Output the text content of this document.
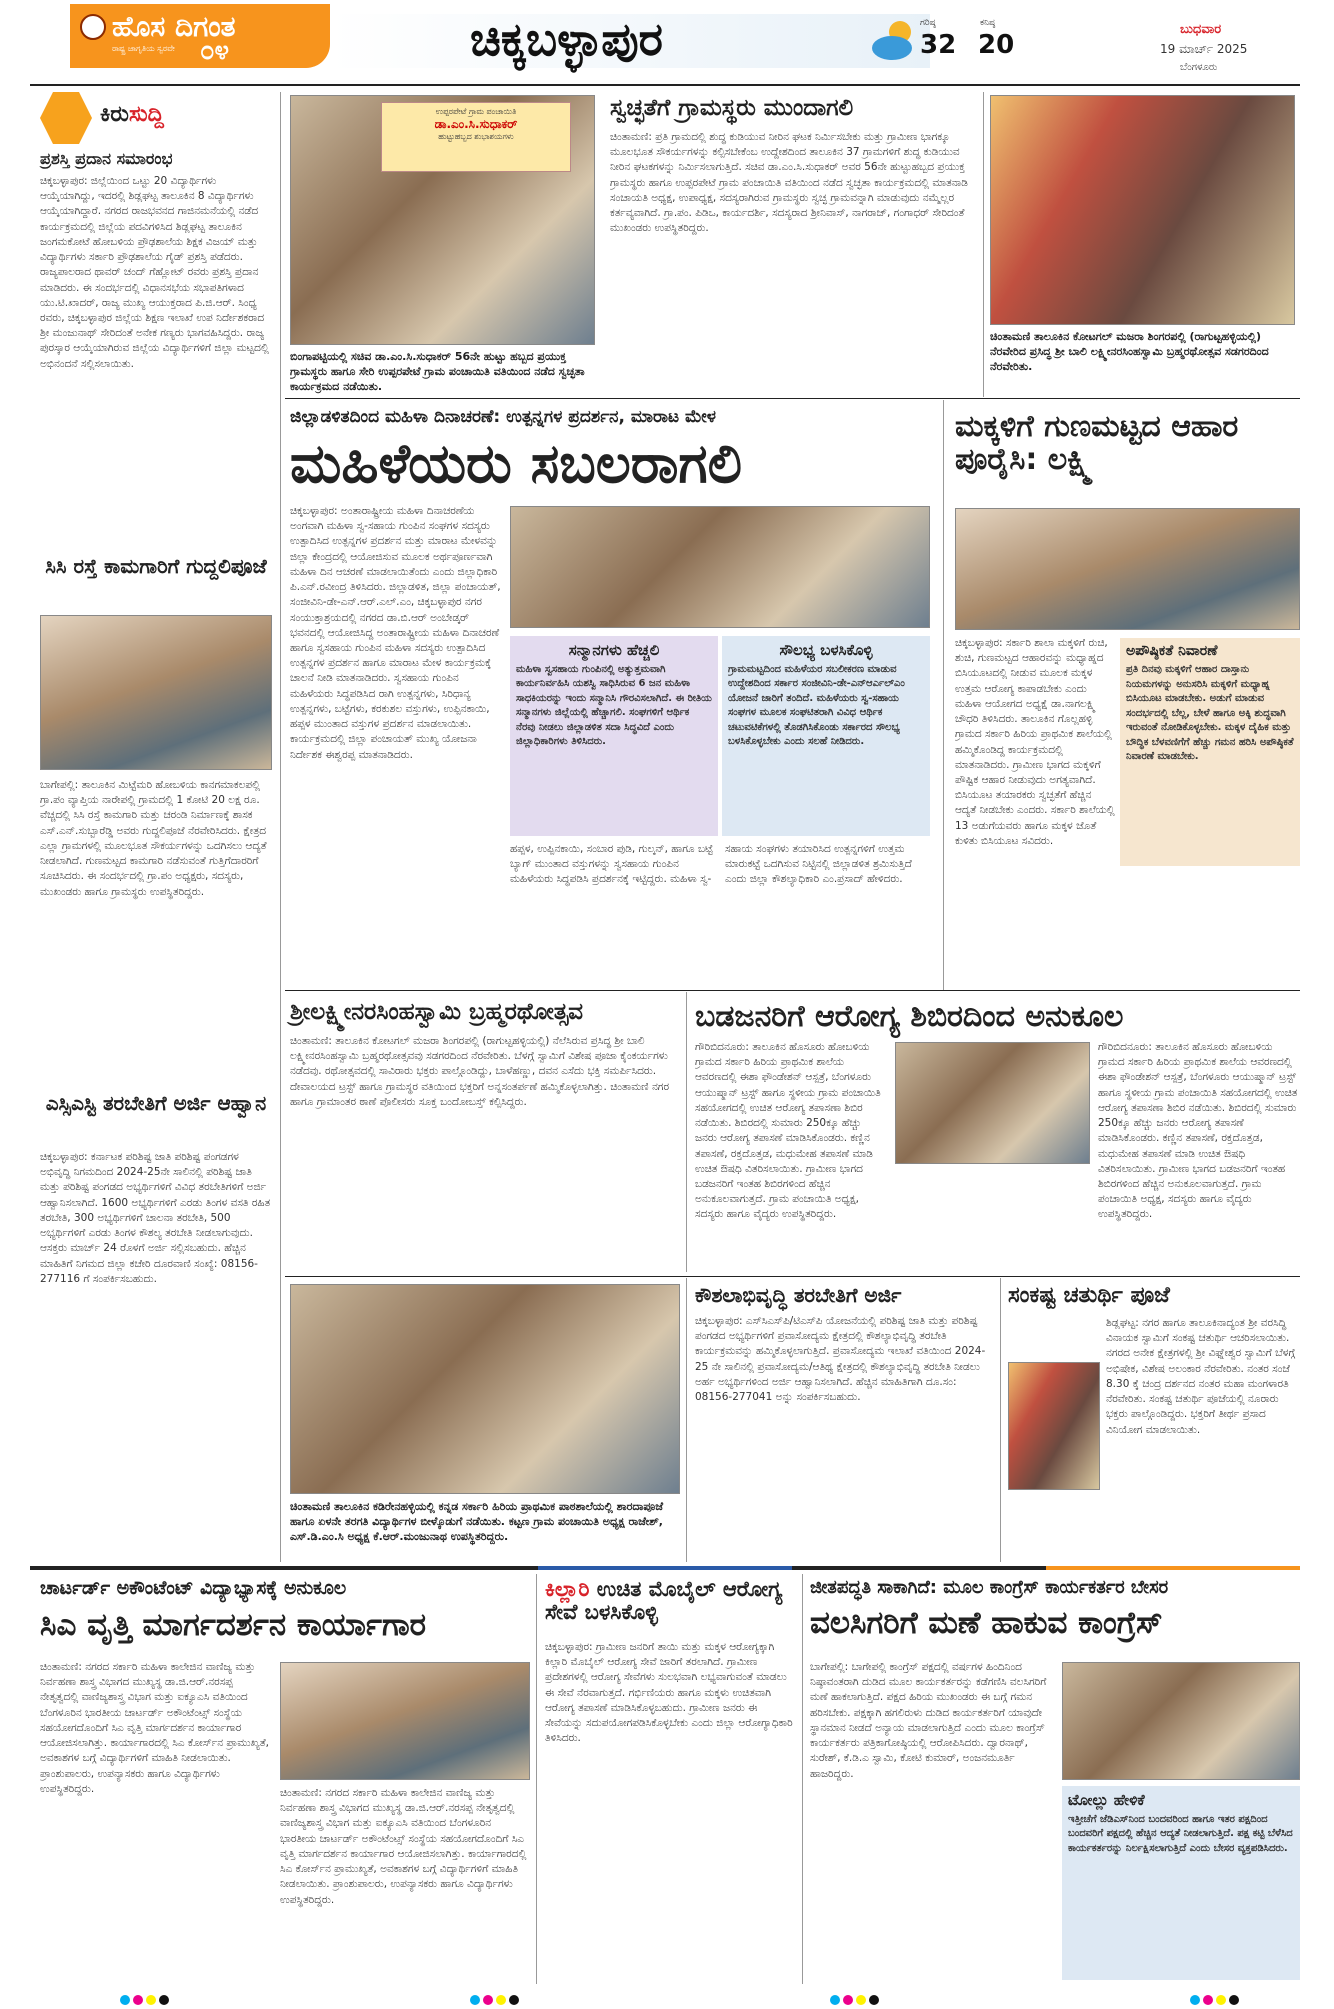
ಹೊಸ ದಿಗಂತ
ರಾಷ್ಟ್ರ ಜಾಗೃತಿಯ ಸ್ವರವೇ ೦೪	ಚಿಕ್ಕಬಳ್ಳಾಪುರ	ಗರಿಷ್ಠ
32
ಕನಿಷ್ಠ
20
ಬುಧವಾರ
19 ಮಾರ್ಚ್ 2025
ಬೆಂಗಳೂರು
ಕಿರುಸುದ್ದಿ
ಪ್ರಶಸ್ತಿ ಪ್ರದಾನ ಸಮಾರಂಭ
ಚಿಕ್ಕಬಳ್ಳಾಪುರ: ಜಿಲ್ಲೆಯಿಂದ ಒಟ್ಟು 20 ವಿದ್ಯಾರ್ಥಿಗಳು ಆಯ್ಕೆಯಾಗಿದ್ದು, ಇದರಲ್ಲಿ ಶಿಡ್ಲಘಟ್ಟ ತಾಲೂಕಿನ 8 ವಿದ್ಯಾರ್ಥಿಗಳು ಆಯ್ಕೆಯಾಗಿದ್ದಾರೆ. ನಗರದ ರಾಜಭವನದ ಗಾಜಿನಮನೆಯಲ್ಲಿ ನಡೆದ ಕಾರ್ಯಕ್ರಮದಲ್ಲಿ ಜಿಲ್ಲೆಯ ಪದವಿಗಳಿಸಿದ ಶಿಡ್ಲಘಟ್ಟ ತಾಲೂಕಿನ ಜಂಗಮಕೋಟೆ ಹೋಬಳಿಯ ಪ್ರೌಢಶಾಲೆಯ ಶಿಕ್ಷಕ ವಿಜಯ್ ಮತ್ತು ವಿದ್ಯಾರ್ಥಿಗಳು ಸರ್ಕಾರಿ ಪ್ರೌಢಶಾಲೆಯ ಗೈಡ್ ಪ್ರಶಸ್ತಿ ಪಡೆದರು. ರಾಜ್ಯಪಾಲರಾದ ಥಾವರ್ ಚಂದ್ ಗೆಹ್ಲೋಟ್ ರವರು ಪ್ರಶಸ್ತಿ ಪ್ರದಾನ ಮಾಡಿದರು. ಈ ಸಂದರ್ಭದಲ್ಲಿ ವಿಧಾನಸಭೆಯ ಸಭಾಪತಿಗಳಾದ ಯು.ಟಿ.ಖಾದರ್, ರಾಜ್ಯ ಮುಖ್ಯ ಆಯುಕ್ತರಾದ ಪಿ.ಜಿ.ಆರ್. ಸಿಂಧ್ಯ ರವರು, ಚಿಕ್ಕಬಳ್ಳಾಪುರ ಜಿಲ್ಲೆಯ ಶಿಕ್ಷಣ ಇಲಾಖೆ ಉಪ ನಿರ್ದೇಶಕರಾದ ಶ್ರೀ ಮಂಜುನಾಥ್ ಸೇರಿದಂತೆ ಅನೇಕ ಗಣ್ಯರು ಭಾಗವಹಿಸಿದ್ದರು. ರಾಜ್ಯ ಪುರಸ್ಕಾರ ಆಯ್ಕೆಯಾಗಿರುವ ಜಿಲ್ಲೆಯ ವಿದ್ಯಾರ್ಥಿಗಳಿಗೆ ಜಿಲ್ಲಾ ಮಟ್ಟದಲ್ಲಿ ಅಭಿನಂದನೆ ಸಲ್ಲಿಸಲಾಯಿತು.
ಸಿಸಿ ರಸ್ತೆ ಕಾಮಗಾರಿಗೆ ಗುದ್ದಲಿಪೂಜೆ
ಬಾಗೇಪಲ್ಲಿ: ತಾಲೂಕಿನ ಮಿಟ್ಟೆಮರಿ ಹೋಬಳಿಯ ಕಾನಗಮಾಕಲಪಲ್ಲಿ ಗ್ರಾ.ಪಂ ವ್ಯಾಪ್ತಿಯ ನಾರೇಪಲ್ಲಿ ಗ್ರಾಮದಲ್ಲಿ 1 ಕೋಟಿ 20 ಲಕ್ಷ ರೂ. ವೆಚ್ಚದಲ್ಲಿ ಸಿಸಿ ರಸ್ತೆ ಕಾಮಗಾರಿ ಮತ್ತು ಚರಂಡಿ ನಿರ್ಮಾಣಕ್ಕೆ ಶಾಸಕ ಎಸ್.ಎನ್.ಸುಬ್ಬಾರೆಡ್ಡಿ ಅವರು ಗುದ್ದಲಿಪೂಜೆ ನೆರವೇರಿಸಿದರು. ಕ್ಷೇತ್ರದ ಎಲ್ಲಾ ಗ್ರಾಮಗಳಲ್ಲಿ ಮೂಲಭೂತ ಸೌಕರ್ಯಗಳನ್ನು ಒದಗಿಸಲು ಆದ್ಯತೆ ನೀಡಲಾಗಿದೆ. ಗುಣಮಟ್ಟದ ಕಾಮಗಾರಿ ನಡೆಸುವಂತೆ ಗುತ್ತಿಗೆದಾರರಿಗೆ ಸೂಚಿಸಿದರು. ಈ ಸಂದರ್ಭದಲ್ಲಿ ಗ್ರಾ.ಪಂ ಅಧ್ಯಕ್ಷರು, ಸದಸ್ಯರು, ಮುಖಂಡರು ಹಾಗೂ ಗ್ರಾಮಸ್ಥರು ಉಪಸ್ಥಿತರಿದ್ದರು.
ಎಸ್ಸಿಎಸ್ಟಿ ತರಬೇತಿಗೆ ಅರ್ಜಿ ಆಹ್ವಾನ
ಚಿಕ್ಕಬಳ್ಳಾಪುರ: ಕರ್ನಾಟಕ ಪರಿಶಿಷ್ಟ ಜಾತಿ ಪರಿಶಿಷ್ಟ ಪಂಗಡಗಳ ಅಭಿವೃದ್ಧಿ ನಿಗಮದಿಂದ 2024-25ನೇ ಸಾಲಿನಲ್ಲಿ ಪರಿಶಿಷ್ಟ ಜಾತಿ ಮತ್ತು ಪರಿಶಿಷ್ಟ ಪಂಗಡದ ಅಭ್ಯರ್ಥಿಗಳಿಗೆ ವಿವಿಧ ತರಬೇತಿಗಳಿಗೆ ಅರ್ಜಿ ಆಹ್ವಾನಿಸಲಾಗಿದೆ. 1600 ಅಭ್ಯರ್ಥಿಗಳಿಗೆ ಎರಡು ತಿಂಗಳ ವಸತಿ ರಹಿತ ತರಬೇತಿ, 300 ಅಭ್ಯರ್ಥಿಗಳಿಗೆ ಚಾಲನಾ ತರಬೇತಿ, 500 ಅಭ್ಯರ್ಥಿಗಳಿಗೆ ಎರಡು ತಿಂಗಳ ಕೌಶಲ್ಯ ತರಬೇತಿ ನೀಡಲಾಗುವುದು. ಆಸಕ್ತರು ಮಾರ್ಚ್ 24 ರೊಳಗೆ ಅರ್ಜಿ ಸಲ್ಲಿಸಬಹುದು. ಹೆಚ್ಚಿನ ಮಾಹಿತಿಗೆ ನಿಗಮದ ಜಿಲ್ಲಾ ಕಚೇರಿ ದೂರವಾಣಿ ಸಂಖ್ಯೆ: 08156-277116 ಗೆ ಸಂಪರ್ಕಿಸಬಹುದು.
ಉಪ್ಪರಪೇಟೆ ಗ್ರಾಮ ಪಂಚಾಯಿತಿ
ಡಾ.ಎಂ.ಸಿ.ಸುಧಾಕರ್
ಹುಟ್ಟುಹಬ್ಬದ ಶುಭಾಶಯಗಳು
ಬಿಂಗಾಪಟ್ಟಿಯಲ್ಲಿ ಸಚಿವ ಡಾ.ಎಂ.ಸಿ.ಸುಧಾಕರ್ 56ನೇ ಹುಟ್ಟು ಹಬ್ಬದ ಪ್ರಯುಕ್ತ ಗ್ರಾಮಸ್ಥರು ಹಾಗೂ ಸೇರಿ ಉಪ್ಪರಪೇಟೆ ಗ್ರಾಮ ಪಂಚಾಯಿತಿ ವತಿಯಿಂದ ನಡೆದ ಸ್ವಚ್ಛತಾ ಕಾರ್ಯಕ್ರಮದ ನಡೆಯಿತು.
ಸ್ವಚ್ಛತೆಗೆ ಗ್ರಾಮಸ್ಥರು ಮುಂದಾಗಲಿ
ಚಿಂತಾಮಣಿ: ಪ್ರತಿ ಗ್ರಾಮದಲ್ಲಿ ಶುದ್ಧ ಕುಡಿಯುವ ನೀರಿನ ಘಟಕ ನಿರ್ಮಿಸಬೇಕು ಮತ್ತು ಗ್ರಾಮೀಣ ಭಾಗಕ್ಕೂ ಮೂಲಭೂತ ಸೌಕರ್ಯಗಳನ್ನು ಕಲ್ಪಿಸಬೇಕೆಂಬ ಉದ್ದೇಶದಿಂದ ತಾಲೂಕಿನ 37 ಗ್ರಾಮಗಳಿಗೆ ಶುದ್ಧ ಕುಡಿಯುವ ನೀರಿನ ಘಟಕಗಳನ್ನು ನಿರ್ಮಿಸಲಾಗುತ್ತಿದೆ. ಸಚಿವ ಡಾ.ಎಂ.ಸಿ.ಸುಧಾಕರ್ ಅವರ 56ನೇ ಹುಟ್ಟುಹಬ್ಬದ ಪ್ರಯುಕ್ತ ಗ್ರಾಮಸ್ಥರು ಹಾಗೂ ಉಪ್ಪರಪೇಟೆ ಗ್ರಾಮ ಪಂಚಾಯಿತಿ ವತಿಯಿಂದ ನಡೆದ ಸ್ವಚ್ಛತಾ ಕಾರ್ಯಕ್ರಮದಲ್ಲಿ ಮಾತನಾಡಿ ಸಂಚಾಯತಿ ಅಧ್ಯಕ್ಷ, ಉಪಾಧ್ಯಕ್ಷ, ಸದಸ್ಯರಾಗಿರುವ ಗ್ರಾಮಸ್ಥರು ಸ್ವಚ್ಛ ಗ್ರಾಮವನ್ನಾಗಿ ಮಾಡುವುದು ನಮ್ಮೆಲ್ಲರ ಕರ್ತವ್ಯವಾಗಿದೆ. ಗ್ರಾ.ಪಂ. ಪಿಡಿಒ, ಕಾರ್ಯದರ್ಶಿ, ಸದಸ್ಯರಾದ ಶ್ರೀನಿವಾಸ್, ನಾಗರಾಜ್, ಗಂಗಾಧರ್ ಸೇರಿದಂತೆ ಮುಖಂಡರು ಉಪಸ್ಥಿತರಿದ್ದರು.
ಚಿಂತಾಮಣಿ ತಾಲೂಕಿನ ಕೋಟಗಲ್ ಮಜರಾ ಶಿಂಗರಪಲ್ಲಿ (ರಾಗುಟ್ಟಹಳ್ಳಿಯಲ್ಲಿ) ನೆರವೇರಿದ ಪ್ರಸಿದ್ಧ ಶ್ರೀ ಬಾಲಿ ಲಕ್ಷ್ಮೀನರಸಿಂಹಸ್ವಾಮಿ ಬ್ರಹ್ಮರಥೋತ್ಸವ ಸಡಗರದಿಂದ ನೆರವೇರಿತು.
ಜಿಲ್ಲಾಡಳಿತದಿಂದ ಮಹಿಳಾ ದಿನಾಚರಣೆ: ಉತ್ಪನ್ನಗಳ ಪ್ರದರ್ಶನ, ಮಾರಾಟ ಮೇಳ
ಮಹಿಳೆಯರು ಸಬಲರಾಗಲಿ
ಚಿಕ್ಕಬಳ್ಳಾಪುರ: ಅಂತಾರಾಷ್ಟ್ರೀಯ ಮಹಿಳಾ ದಿನಾಚರಣೆಯ ಅಂಗವಾಗಿ ಮಹಿಳಾ ಸ್ವ-ಸಹಾಯ ಗುಂಪಿನ ಸಂಘಗಳ ಸದಸ್ಯರು ಉತ್ಪಾದಿಸಿದ ಉತ್ಪನ್ನಗಳ ಪ್ರದರ್ಶನ ಮತ್ತು ಮಾರಾಟ ಮೇಳವನ್ನು ಜಿಲ್ಲಾ ಕೇಂದ್ರದಲ್ಲಿ ಆಯೋಜಿಸುವ ಮೂಲಕ ಅರ್ಥಪೂರ್ಣವಾಗಿ ಮಹಿಳಾ ದಿನ ಆಚರಣೆ ಮಾಡಲಾಯಿತೆಂದು ಎಂದು ಜಿಲ್ಲಾಧಿಕಾರಿ ಪಿ.ಎನ್.ರವೀಂದ್ರ ತಿಳಿಸಿದರು. ಜಿಲ್ಲಾಡಳಿತ, ಜಿಲ್ಲಾ ಪಂಚಾಯತ್, ಸಂಜೀವಿನಿ-ಡೇ-ಎನ್.ಆರ್.ಎಲ್.ಎಂ, ಚಿಕ್ಕಬಳ್ಳಾಪುರ ನಗರ ಸಂಯುಕ್ತಾಶ್ರಯದಲ್ಲಿ ನಗರದ ಡಾ.ಬಿ.ಆರ್ ಅಂಬೇಡ್ಕರ್ ಭವನದಲ್ಲಿ ಆಯೋಜಿಸಿದ್ದ ಅಂತಾರಾಷ್ಟ್ರೀಯ ಮಹಿಳಾ ದಿನಾಚರಣೆ ಹಾಗೂ ಸ್ವಸಹಾಯ ಗುಂಪಿನ ಮಹಿಳಾ ಸದಸ್ಯರು ಉತ್ಪಾದಿಸಿದ ಉತ್ಪನ್ನಗಳ ಪ್ರದರ್ಶನ ಹಾಗೂ ಮಾರಾಟ ಮೇಳ ಕಾರ್ಯಕ್ರಮಕ್ಕೆ ಚಾಲನೆ ನೀಡಿ ಮಾತನಾಡಿದರು. ಸ್ವಸಹಾಯ ಗುಂಪಿನ ಮಹಿಳೆಯರು ಸಿದ್ಧಪಡಿಸಿದ ರಾಗಿ ಉತ್ಪನ್ನಗಳು, ಸಿರಿಧಾನ್ಯ ಉತ್ಪನ್ನಗಳು, ಬಟ್ಟೆಗಳು, ಕರಕುಶಲ ವಸ್ತುಗಳು, ಉಪ್ಪಿನಕಾಯಿ, ಹಪ್ಪಳ ಮುಂತಾದ ವಸ್ತುಗಳ ಪ್ರದರ್ಶನ ಮಾಡಲಾಯಿತು. ಕಾರ್ಯಕ್ರಮದಲ್ಲಿ ಜಿಲ್ಲಾ ಪಂಚಾಯತ್ ಮುಖ್ಯ ಯೋಜನಾ ನಿರ್ದೇಶಕ ಈಶ್ವರಪ್ಪ ಮಾತನಾಡಿದರು.
ಸನ್ಮಾನಗಳು ಹೆಚ್ಚಲಿ
ಮಹಿಳಾ ಸ್ವಸಹಾಯ ಗುಂಪಿನಲ್ಲಿ ಅತ್ಯುತ್ತಮವಾಗಿ ಕಾರ್ಯನಿರ್ವಹಿಸಿ ಯಶಸ್ವಿ ಸಾಧಿಸಿರುವ 6 ಜನ ಮಹಿಳಾ ಸಾಧಕಿಯರನ್ನು ಇಂದು ಸನ್ಮಾನಿಸಿ ಗೌರವಿಸಲಾಗಿದೆ. ಈ ರೀತಿಯ ಸನ್ಮಾನಗಳು ಜಿಲ್ಲೆಯಲ್ಲಿ ಹೆಚ್ಚಾಗಲಿ. ಸಂಘಗಳಿಗೆ ಆರ್ಥಿಕ ನೆರವು ನೀಡಲು ಜಿಲ್ಲಾಡಳಿತ ಸದಾ ಸಿದ್ಧವಿದೆ ಎಂದು ಜಿಲ್ಲಾಧಿಕಾರಿಗಳು ತಿಳಿಸಿದರು.
ಸೌಲಭ್ಯ ಬಳಸಿಕೊಳ್ಳಿ
ಗ್ರಾಮಮಟ್ಟದಿಂದ ಮಹಿಳೆಯರ ಸಬಲೀಕರಣ ಮಾಡುವ ಉದ್ದೇಶದಿಂದ ಸರ್ಕಾರ ಸಂಜೀವಿನಿ-ಡೇ-ಎನ್ಆರ್ಎಲ್ಎಂ ಯೋಜನೆ ಜಾರಿಗೆ ತಂದಿದೆ. ಮಹಿಳೆಯರು ಸ್ವ-ಸಹಾಯ ಸಂಘಗಳ ಮೂಲಕ ಸಂಘಟಿತರಾಗಿ ವಿವಿಧ ಆರ್ಥಿಕ ಚಟುವಟಿಕೆಗಳಲ್ಲಿ ತೊಡಗಿಸಿಕೊಂಡು ಸರ್ಕಾರದ ಸೌಲಭ್ಯ ಬಳಸಿಕೊಳ್ಳಬೇಕು ಎಂದು ಸಲಹೆ ನೀಡಿದರು.
ಹಪ್ಪಳ, ಉಪ್ಪಿನಕಾಯಿ, ಸಂಬಾರ ಪುಡಿ, ಗುಲ್ಕನ್, ಹಾಗೂ ಬಟ್ಟೆ ಬ್ಯಾಗ್ ಮುಂತಾದ ವಸ್ತುಗಳನ್ನು ಸ್ವಸಹಾಯ ಗುಂಪಿನ ಮಹಿಳೆಯರು ಸಿದ್ಧಪಡಿಸಿ ಪ್ರದರ್ಶನಕ್ಕೆ ಇಟ್ಟಿದ್ದರು. ಮಹಿಳಾ ಸ್ವ-ಸಹಾಯ ಸಂಘಗಳು ತಯಾರಿಸಿದ ಉತ್ಪನ್ನಗಳಿಗೆ ಉತ್ತಮ ಮಾರುಕಟ್ಟೆ ಒದಗಿಸುವ ನಿಟ್ಟಿನಲ್ಲಿ ಜಿಲ್ಲಾಡಳಿತ ಶ್ರಮಿಸುತ್ತಿದೆ ಎಂದು ಜಿಲ್ಲಾ ಕೌಶಲ್ಯಾಧಿಕಾರಿ ಎಂ.ಪ್ರಸಾದ್ ಹೇಳಿದರು.
ಮಕ್ಕಳಿಗೆ ಗುಣಮಟ್ಟದ ಆಹಾರ ಪೂರೈಸಿ: ಲಕ್ಷ್ಮಿ
ಚಿಕ್ಕಬಳ್ಳಾಪುರ: ಸರ್ಕಾರಿ ಶಾಲಾ ಮಕ್ಕಳಿಗೆ ರುಚಿ, ಶುಚಿ, ಗುಣಮಟ್ಟದ ಆಹಾರವನ್ನು ಮಧ್ಯಾಹ್ನದ ಬಿಸಿಯೂಟದಲ್ಲಿ ನೀಡುವ ಮೂಲಕ ಮಕ್ಕಳ ಉತ್ತಮ ಆರೋಗ್ಯ ಕಾಪಾಡಬೇಕು ಎಂದು ಮಹಿಳಾ ಆಯೋಗದ ಅಧ್ಯಕ್ಷೆ ಡಾ.ನಾಗಲಕ್ಷ್ಮಿ ಚೌಧರಿ ತಿಳಿಸಿದರು. ತಾಲೂಕಿನ ಗೊಲ್ಲಹಳ್ಳಿ ಗ್ರಾಮದ ಸರ್ಕಾರಿ ಹಿರಿಯ ಪ್ರಾಥಮಿಕ ಶಾಲೆಯಲ್ಲಿ ಹಮ್ಮಿಕೊಂಡಿದ್ದ ಕಾರ್ಯಕ್ರಮದಲ್ಲಿ ಮಾತನಾಡಿದರು. ಗ್ರಾಮೀಣ ಭಾಗದ ಮಕ್ಕಳಿಗೆ ಪೌಷ್ಟಿಕ ಆಹಾರ ನೀಡುವುದು ಅಗತ್ಯವಾಗಿದೆ. ಬಿಸಿಯೂಟ ತಯಾರಕರು ಸ್ವಚ್ಛತೆಗೆ ಹೆಚ್ಚಿನ ಆದ್ಯತೆ ನೀಡಬೇಕು ಎಂದರು. ಸರ್ಕಾರಿ ಶಾಲೆಯಲ್ಲಿ 13 ಅಡುಗೆಯವರು ಹಾಗೂ ಮಕ್ಕಳ ಜೊತೆ ಕುಳಿತು ಬಿಸಿಯೂಟ ಸವಿದರು.
ಅಪೌಷ್ಠಿಕತೆ ನಿವಾರಣೆ
ಪ್ರತಿ ದಿನವು ಮಕ್ಕಳಿಗೆ ಆಹಾರ ದಾಸ್ತಾನು ನಿಯಮಗಳನ್ನು ಅನುಸರಿಸಿ ಮಕ್ಕಳಿಗೆ ಮಧ್ಯಾಹ್ನ ಬಿಸಿಯೂಟ ಮಾಡಬೇಕು. ಅಡುಗೆ ಮಾಡುವ ಸಂದರ್ಭದಲ್ಲಿ ಬೆಲ್ಲ, ಬೇಳೆ ಹಾಗೂ ಅಕ್ಕಿ ಶುದ್ಧವಾಗಿ ಇರುವಂತೆ ನೋಡಿಕೊಳ್ಳಬೇಕು. ಮಕ್ಕಳ ದೈಹಿಕ ಮತ್ತು ಬೌದ್ಧಿಕ ಬೆಳವಣಿಗೆಗೆ ಹೆಚ್ಚು ಗಮನ ಹರಿಸಿ ಅಪೌಷ್ಠಿಕತೆ ನಿವಾರಣೆ ಮಾಡಬೇಕು.
ಶ್ರೀಲಕ್ಷ್ಮೀನರಸಿಂಹಸ್ವಾಮಿ ಬ್ರಹ್ಮರಥೋತ್ಸವ
ಚಿಂತಾಮಣಿ: ತಾಲೂಕಿನ ಕೋಟಗಲ್ ಮಜರಾ ಶಿಂಗರಪಲ್ಲಿ (ರಾಗುಟ್ಟಹಳ್ಳಿಯಲ್ಲಿ) ನೆಲೆಸಿರುವ ಪ್ರಸಿದ್ಧ ಶ್ರೀ ಬಾಲಿ ಲಕ್ಷ್ಮೀನರಸಿಂಹಸ್ವಾಮಿ ಬ್ರಹ್ಮರಥೋತ್ಸವವು ಸಡಗರದಿಂದ ನೆರವೇರಿತು. ಬೆಳಗ್ಗೆ ಸ್ವಾಮಿಗೆ ವಿಶೇಷ ಪೂಜಾ ಕೈಂಕರ್ಯಗಳು ನಡೆದವು. ರಥೋತ್ಸವದಲ್ಲಿ ಸಾವಿರಾರು ಭಕ್ತರು ಪಾಲ್ಗೊಂಡಿದ್ದು, ಬಾಳೆಹಣ್ಣು, ದವನ ಎಸೆದು ಭಕ್ತಿ ಸಮರ್ಪಿಸಿದರು. ದೇವಾಲಯದ ಟ್ರಸ್ಟ್ ಹಾಗೂ ಗ್ರಾಮಸ್ಥರ ವತಿಯಿಂದ ಭಕ್ತರಿಗೆ ಅನ್ನಸಂತರ್ಪಣೆ ಹಮ್ಮಿಕೊಳ್ಳಲಾಗಿತ್ತು. ಚಿಂತಾಮಣಿ ನಗರ ಹಾಗೂ ಗ್ರಾಮಾಂತರ ಠಾಣೆ ಪೊಲೀಸರು ಸೂಕ್ತ ಬಂದೋಬಸ್ತ್ ಕಲ್ಪಿಸಿದ್ದರು.
ಬಡಜನರಿಗೆ ಆರೋಗ್ಯ ಶಿಬಿರದಿಂದ ಅನುಕೂಲ
ಗೌರಿಬಿದನೂರು: ತಾಲೂಕಿನ ಹೊಸೂರು ಹೋಬಳಿಯ ಗ್ರಾಮದ ಸರ್ಕಾರಿ ಹಿರಿಯ ಪ್ರಾಥಮಿಕ ಶಾಲೆಯ ಆವರಣದಲ್ಲಿ ಈಶಾ ಫೌಂಡೇಶನ್ ಆಸ್ಪತ್ರೆ, ಬೆಂಗಳೂರು ಆಯುಷ್ಮಾನ್ ಟ್ರಸ್ಟ್ ಹಾಗೂ ಸ್ಥಳೀಯ ಗ್ರಾಮ ಪಂಚಾಯಿತಿ ಸಹಯೋಗದಲ್ಲಿ ಉಚಿತ ಆರೋಗ್ಯ ತಪಾಸಣಾ ಶಿಬಿರ ನಡೆಯಿತು. ಶಿಬಿರದಲ್ಲಿ ಸುಮಾರು 250ಕ್ಕೂ ಹೆಚ್ಚು ಜನರು ಆರೋಗ್ಯ ತಪಾಸಣೆ ಮಾಡಿಸಿಕೊಂಡರು. ಕಣ್ಣಿನ ತಪಾಸಣೆ, ರಕ್ತದೊತ್ತಡ, ಮಧುಮೇಹ ತಪಾಸಣೆ ಮಾಡಿ ಉಚಿತ ಔಷಧಿ ವಿತರಿಸಲಾಯಿತು. ಗ್ರಾಮೀಣ ಭಾಗದ ಬಡಜನರಿಗೆ ಇಂತಹ ಶಿಬಿರಗಳಿಂದ ಹೆಚ್ಚಿನ ಅನುಕೂಲವಾಗುತ್ತದೆ. ಗ್ರಾಮ ಪಂಚಾಯಿತಿ ಅಧ್ಯಕ್ಷ, ಸದಸ್ಯರು ಹಾಗೂ ವೈದ್ಯರು ಉಪಸ್ಥಿತರಿದ್ದರು.
ಗೌರಿಬಿದನೂರು: ತಾಲೂಕಿನ ಹೊಸೂರು ಹೋಬಳಿಯ ಗ್ರಾಮದ ಸರ್ಕಾರಿ ಹಿರಿಯ ಪ್ರಾಥಮಿಕ ಶಾಲೆಯ ಆವರಣದಲ್ಲಿ ಈಶಾ ಫೌಂಡೇಶನ್ ಆಸ್ಪತ್ರೆ, ಬೆಂಗಳೂರು ಆಯುಷ್ಮಾನ್ ಟ್ರಸ್ಟ್ ಹಾಗೂ ಸ್ಥಳೀಯ ಗ್ರಾಮ ಪಂಚಾಯಿತಿ ಸಹಯೋಗದಲ್ಲಿ ಉಚಿತ ಆರೋಗ್ಯ ತಪಾಸಣಾ ಶಿಬಿರ ನಡೆಯಿತು. ಶಿಬಿರದಲ್ಲಿ ಸುಮಾರು 250ಕ್ಕೂ ಹೆಚ್ಚು ಜನರು ಆರೋಗ್ಯ ತಪಾಸಣೆ ಮಾಡಿಸಿಕೊಂಡರು. ಕಣ್ಣಿನ ತಪಾಸಣೆ, ರಕ್ತದೊತ್ತಡ, ಮಧುಮೇಹ ತಪಾಸಣೆ ಮಾಡಿ ಉಚಿತ ಔಷಧಿ ವಿತರಿಸಲಾಯಿತು. ಗ್ರಾಮೀಣ ಭಾಗದ ಬಡಜನರಿಗೆ ಇಂತಹ ಶಿಬಿರಗಳಿಂದ ಹೆಚ್ಚಿನ ಅನುಕೂಲವಾಗುತ್ತದೆ. ಗ್ರಾಮ ಪಂಚಾಯಿತಿ ಅಧ್ಯಕ್ಷ, ಸದಸ್ಯರು ಹಾಗೂ ವೈದ್ಯರು ಉಪಸ್ಥಿತರಿದ್ದರು.
ಚಿಂತಾಮಣಿ ತಾಲೂಕಿನ ಕಡಿರೇನಹಳ್ಳಿಯಲ್ಲಿ ಕನ್ನಡ ಸರ್ಕಾರಿ ಹಿರಿಯ ಪ್ರಾಥಮಿಕ ಪಾಠಶಾಲೆಯಲ್ಲಿ ಶಾರದಾಪೂಜೆ ಹಾಗೂ ಏಳನೇ ತರಗತಿ ವಿದ್ಯಾರ್ಥಿಗಳ ಬೀಳ್ಕೊಡುಗೆ ನಡೆಯಿತು. ಕಟ್ಟಣ ಗ್ರಾಮ ಪಂಚಾಯಿತಿ ಅಧ್ಯಕ್ಷ ರಾಜೇಶ್, ಎಸ್.ಡಿ.ಎಂ.ಸಿ ಅಧ್ಯಕ್ಷ ಕೆ.ಆರ್.ಮಂಜುನಾಥ ಉಪಸ್ಥಿತರಿದ್ದರು.
ಕೌಶಲಾಭಿವೃದ್ಧಿ ತರಬೇತಿಗೆ ಅರ್ಜಿ
ಚಿಕ್ಕಬಳ್ಳಾಪುರ: ಎಸ್‌ಸಿಎಸ್‌ಪಿ/ಟಿಎಸ್‌ಪಿ ಯೋಜನೆಯಲ್ಲಿ ಪರಿಶಿಷ್ಟ ಜಾತಿ ಮತ್ತು ಪರಿಶಿಷ್ಟ ಪಂಗಡದ ಅಭ್ಯರ್ಥಿಗಳಿಗೆ ಪ್ರವಾಸೋದ್ಯಮ ಕ್ಷೇತ್ರದಲ್ಲಿ ಕೌಶಲ್ಯಾಭಿವೃದ್ಧಿ ತರಬೇತಿ ಕಾರ್ಯಕ್ರಮವನ್ನು ಹಮ್ಮಿಕೊಳ್ಳಲಾಗುತ್ತಿದೆ. ಪ್ರವಾಸೋದ್ಯಮ ಇಲಾಖೆ ವತಿಯಿಂದ 2024-25 ನೇ ಸಾಲಿನಲ್ಲಿ ಪ್ರವಾಸೋದ್ಯಮ/ಆತಿಥ್ಯ ಕ್ಷೇತ್ರದಲ್ಲಿ ಕೌಶಲ್ಯಾಭಿವೃದ್ಧಿ ತರಬೇತಿ ನೀಡಲು ಅರ್ಹ ಅಭ್ಯರ್ಥಿಗಳಿಂದ ಅರ್ಜಿ ಆಹ್ವಾನಿಸಲಾಗಿದೆ. ಹೆಚ್ಚಿನ ಮಾಹಿತಿಗಾಗಿ ದೂ.ಸಂ: 08156-277041 ಅನ್ನು ಸಂಪರ್ಕಿಸಬಹುದು.
ಸಂಕಷ್ಟ ಚತುರ್ಥಿ ಪೂಜೆ
ಶಿಡ್ಲಘಟ್ಟ: ನಗರ ಹಾಗೂ ತಾಲೂಕಿನಾದ್ಯಂತ ಶ್ರೀ ವರಸಿದ್ಧಿ ವಿನಾಯಕ ಸ್ವಾಮಿಗೆ ಸಂಕಷ್ಟ ಚತುರ್ಥಿ ಆಚರಿಸಲಾಯಿತು. ನಗರದ ಅನೇಕ ಕ್ಷೇತ್ರಗಳಲ್ಲಿ ಶ್ರೀ ವಿಘ್ನೇಶ್ವರ ಸ್ವಾಮಿಗೆ ಬೆಳಗ್ಗೆ ಅಭಿಷೇಕ, ವಿಶೇಷ ಅಲಂಕಾರ ನೆರವೇರಿತು. ನಂತರ ಸಂಜೆ 8.30 ಕ್ಕೆ ಚಂದ್ರ ದರ್ಶನದ ನಂತರ ಮಹಾ ಮಂಗಳಾರತಿ ನೆರವೇರಿತು. ಸಂಕಷ್ಟ ಚತುರ್ಥಿ ಪೂಜೆಯಲ್ಲಿ ನೂರಾರು ಭಕ್ತರು ಪಾಲ್ಗೊಂಡಿದ್ದರು. ಭಕ್ತರಿಗೆ ತೀರ್ಥ ಪ್ರಸಾದ ವಿನಿಯೋಗ ಮಾಡಲಾಯಿತು.
ಚಾರ್ಟರ್ಡ್ ಅಕೌಂಟೆಂಟ್ ವಿದ್ಯಾಭ್ಯಾಸಕ್ಕೆ ಅನುಕೂಲ
ಸಿಎ ವೃತ್ತಿ ಮಾರ್ಗದರ್ಶನ ಕಾರ್ಯಾಗಾರ
ಚಿಂತಾಮಣಿ: ನಗರದ ಸರ್ಕಾರಿ ಮಹಿಳಾ ಕಾಲೇಜಿನ ವಾಣಿಜ್ಯ ಮತ್ತು ನಿರ್ವಹಣಾ ಶಾಸ್ತ್ರ ವಿಭಾಗದ ಮುಖ್ಯಸ್ಥ ಡಾ.ಜಿ.ಆರ್.ನರಸಪ್ಪ ನೇತೃತ್ವದಲ್ಲಿ ವಾಣಿಜ್ಯಶಾಸ್ತ್ರ ವಿಭಾಗ ಮತ್ತು ಐಕ್ಯೂಎಸಿ ವತಿಯಿಂದ ಬೆಂಗಳೂರಿನ ಭಾರತೀಯ ಚಾರ್ಟರ್ಡ್ ಅಕೌಂಟೆಂಟ್ಸ್ ಸಂಸ್ಥೆಯ ಸಹಯೋಗದೊಂದಿಗೆ ಸಿಎ ವೃತ್ತಿ ಮಾರ್ಗದರ್ಶನ ಕಾರ್ಯಾಗಾರ ಆಯೋಜಿಸಲಾಗಿತ್ತು. ಕಾರ್ಯಾಗಾರದಲ್ಲಿ ಸಿಎ ಕೋರ್ಸ್‌ನ ಪ್ರಾಮುಖ್ಯತೆ, ಅವಕಾಶಗಳ ಬಗ್ಗೆ ವಿದ್ಯಾರ್ಥಿಗಳಿಗೆ ಮಾಹಿತಿ ನೀಡಲಾಯಿತು. ಪ್ರಾಂಶುಪಾಲರು, ಉಪನ್ಯಾಸಕರು ಹಾಗೂ ವಿದ್ಯಾರ್ಥಿಗಳು ಉಪಸ್ಥಿತರಿದ್ದರು.	ಚಿಂತಾಮಣಿ: ನಗರದ ಸರ್ಕಾರಿ ಮಹಿಳಾ ಕಾಲೇಜಿನ ವಾಣಿಜ್ಯ ಮತ್ತು ನಿರ್ವಹಣಾ ಶಾಸ್ತ್ರ ವಿಭಾಗದ ಮುಖ್ಯಸ್ಥ ಡಾ.ಜಿ.ಆರ್.ನರಸಪ್ಪ ನೇತೃತ್ವದಲ್ಲಿ ವಾಣಿಜ್ಯಶಾಸ್ತ್ರ ವಿಭಾಗ ಮತ್ತು ಐಕ್ಯೂಎಸಿ ವತಿಯಿಂದ ಬೆಂಗಳೂರಿನ ಭಾರತೀಯ ಚಾರ್ಟರ್ಡ್ ಅಕೌಂಟೆಂಟ್ಸ್ ಸಂಸ್ಥೆಯ ಸಹಯೋಗದೊಂದಿಗೆ ಸಿಎ ವೃತ್ತಿ ಮಾರ್ಗದರ್ಶನ ಕಾರ್ಯಾಗಾರ ಆಯೋಜಿಸಲಾಗಿತ್ತು. ಕಾರ್ಯಾಗಾರದಲ್ಲಿ ಸಿಎ ಕೋರ್ಸ್‌ನ ಪ್ರಾಮುಖ್ಯತೆ, ಅವಕಾಶಗಳ ಬಗ್ಗೆ ವಿದ್ಯಾರ್ಥಿಗಳಿಗೆ ಮಾಹಿತಿ ನೀಡಲಾಯಿತು. ಪ್ರಾಂಶುಪಾಲರು, ಉಪನ್ಯಾಸಕರು ಹಾಗೂ ವಿದ್ಯಾರ್ಥಿಗಳು ಉಪಸ್ಥಿತರಿದ್ದರು.
ಕಿಲ್ಲಾರಿ ಉಚಿತ ಮೊಬೈಲ್ ಆರೋಗ್ಯ ಸೇವೆ ಬಳಸಿಕೊಳ್ಳಿ
ಚಿಕ್ಕಬಳ್ಳಾಪುರ: ಗ್ರಾಮೀಣ ಜನರಿಗೆ ತಾಯಿ ಮತ್ತು ಮಕ್ಕಳ ಆರೋಗ್ಯಕ್ಕಾಗಿ ಕಿಲ್ಲಾರಿ ಮೊಬೈಲ್ ಆರೋಗ್ಯ ಸೇವೆ ಜಾರಿಗೆ ತರಲಾಗಿದೆ. ಗ್ರಾಮೀಣ ಪ್ರದೇಶಗಳಲ್ಲಿ ಆರೋಗ್ಯ ಸೇವೆಗಳು ಸುಲಭವಾಗಿ ಲಭ್ಯವಾಗುವಂತೆ ಮಾಡಲು ಈ ಸೇವೆ ನೆರವಾಗುತ್ತದೆ. ಗರ್ಭಿಣಿಯರು ಹಾಗೂ ಮಕ್ಕಳು ಉಚಿತವಾಗಿ ಆರೋಗ್ಯ ತಪಾಸಣೆ ಮಾಡಿಸಿಕೊಳ್ಳಬಹುದು. ಗ್ರಾಮೀಣ ಜನರು ಈ ಸೇವೆಯನ್ನು ಸದುಪಯೋಗಪಡಿಸಿಕೊಳ್ಳಬೇಕು ಎಂದು ಜಿಲ್ಲಾ ಆರೋಗ್ಯಾಧಿಕಾರಿ ತಿಳಿಸಿದರು.
ಜೀತಪದ್ಧತಿ ಸಾಕಾಗಿದೆ: ಮೂಲ ಕಾಂಗ್ರೆಸ್ ಕಾರ್ಯಕರ್ತರ ಬೇಸರ
ವಲಸಿಗರಿಗೆ ಮಣೆ ಹಾಕುವ ಕಾಂಗ್ರೆಸ್
ಬಾಗೇಪಲ್ಲಿ: ಬಾಗೇಪಲ್ಲಿ ಕಾಂಗ್ರೆಸ್ ಪಕ್ಷದಲ್ಲಿ ವರ್ಷಗಳ ಹಿಂದಿನಿಂದ ನಿಷ್ಠಾವಂತರಾಗಿ ದುಡಿದ ಮೂಲ ಕಾರ್ಯಕರ್ತರನ್ನು ಕಡೆಗಣಿಸಿ ವಲಸಿಗರಿಗೆ ಮಣೆ ಹಾಕಲಾಗುತ್ತಿದೆ. ಪಕ್ಷದ ಹಿರಿಯ ಮುಖಂಡರು ಈ ಬಗ್ಗೆ ಗಮನ ಹರಿಸಬೇಕು. ಪಕ್ಷಕ್ಕಾಗಿ ಹಗಲಿರುಳು ದುಡಿದ ಕಾರ್ಯಕರ್ತರಿಗೆ ಯಾವುದೇ ಸ್ಥಾನಮಾನ ನೀಡದೆ ಅನ್ಯಾಯ ಮಾಡಲಾಗುತ್ತಿದೆ ಎಂದು ಮೂಲ ಕಾಂಗ್ರೆಸ್ ಕಾರ್ಯಕರ್ತರು ಪತ್ರಿಕಾಗೋಷ್ಠಿಯಲ್ಲಿ ಆರೋಪಿಸಿದರು. ದ್ವಾರನಾಥ್, ಸುರೇಶ್, ಕೆ.ಡಿ.ಎ ಸ್ವಾಮಿ, ಕೋಟಿ ಕುಮಾರ್, ಅಂಜನಮೂರ್ತಿ ಹಾಜರಿದ್ದರು.
ಟೋಲ್ಲು ಹೇಳಿಕೆ
ಇತ್ತೀಚೆಗೆ ಜೆಡಿಎಸ್‌ನಿಂದ ಬಂದವರಿಂದ ಹಾಗೂ ಇತರ ಪಕ್ಷದಿಂದ ಬಂದವರಿಗೆ ಪಕ್ಷದಲ್ಲಿ ಹೆಚ್ಚಿನ ಆದ್ಯತೆ ನೀಡಲಾಗುತ್ತಿದೆ. ಪಕ್ಷ ಕಟ್ಟಿ ಬೆಳೆಸಿದ ಕಾರ್ಯಕರ್ತರನ್ನು ನಿರ್ಲಕ್ಷಿಸಲಾಗುತ್ತಿದೆ ಎಂದು ಬೇಸರ ವ್ಯಕ್ತಪಡಿಸಿದರು.
